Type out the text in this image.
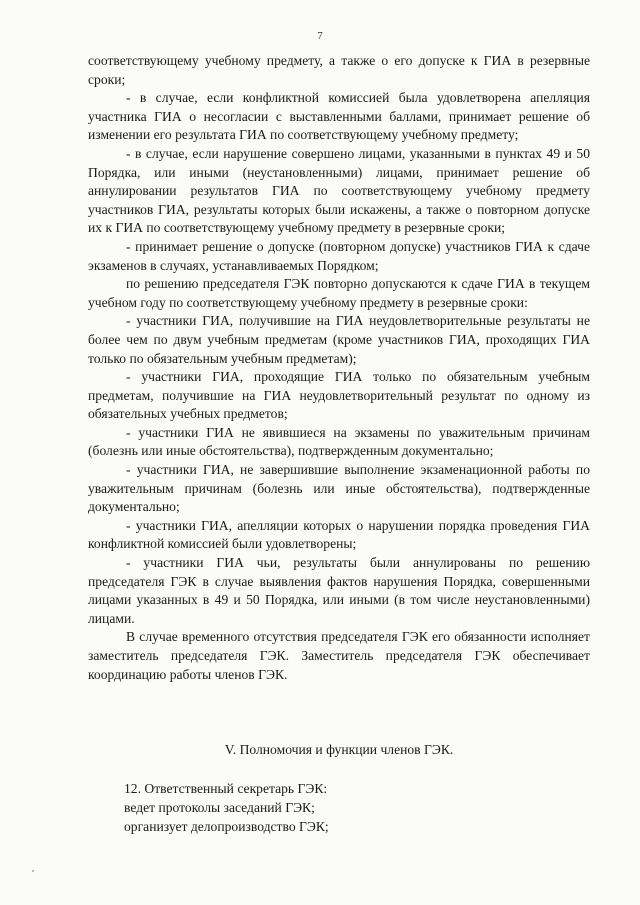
7

соответствующему учебному предмету, а также о его допуске к ГИА в резервные сроки;

- в случае, если конфликтной комиссией была удовлетворена апелляция участника ГИА о несогласии с выставленными баллами, принимает решение об изменении его результата ГИА по соответствующему учебному предмету;

- в случае, если нарушение совершено лицами, указанными в пунктах 49 и 50 Порядка, или иными (неустановленными) лицами, принимает решение об аннулировании результатов ГИА по соответствующему учебному предмету участников ГИА, результаты которых были искажены, а также о повторном допуске их к ГИА по соответствующему учебному предмету в резервные сроки;

- принимает решение о допуске (повторном допуске) участников ГИА к сдаче экзаменов в случаях, устанавливаемых Порядком;

по решению председателя ГЭК повторно допускаются к сдаче ГИА в текущем учебном году по соответствующему учебному предмету в резервные сроки:

- участники ГИА, получившие на ГИА неудовлетворительные результаты не более чем по двум учебным предметам (кроме участников ГИА, проходящих ГИА только по обязательным учебным предметам);

- участники ГИА, проходящие ГИА только по обязательным учебным предметам, получившие на ГИА неудовлетворительный результат по одному из обязательных учебных предметов;

- участники ГИА не явившиеся на экзамены по уважительным причинам (болезнь или иные обстоятельства), подтвержденным документально;

- участники ГИА, не завершившие выполнение экзаменационной работы по уважительным причинам (болезнь или иные обстоятельства), подтвержденные документально;

- участники ГИА, апелляции которых о нарушении порядка проведения ГИА конфликтной комиссией были удовлетворены;

- участники ГИА чьи, результаты были аннулированы по решению председателя ГЭК в случае выявления фактов нарушения Порядка, совершенными лицами указанных в 49 и 50 Порядка, или иными (в том числе неустановленными) лицами.

В случае временного отсутствия председателя ГЭК его обязанности исполняет заместитель председателя ГЭК. Заместитель председателя ГЭК обеспечивает координацию работы членов ГЭК.

V. Полномочия и функции членов ГЭК.

12. Ответственный секретарь ГЭК:

ведет протоколы заседаний ГЭК;

организует делопроизводство ГЭК;
